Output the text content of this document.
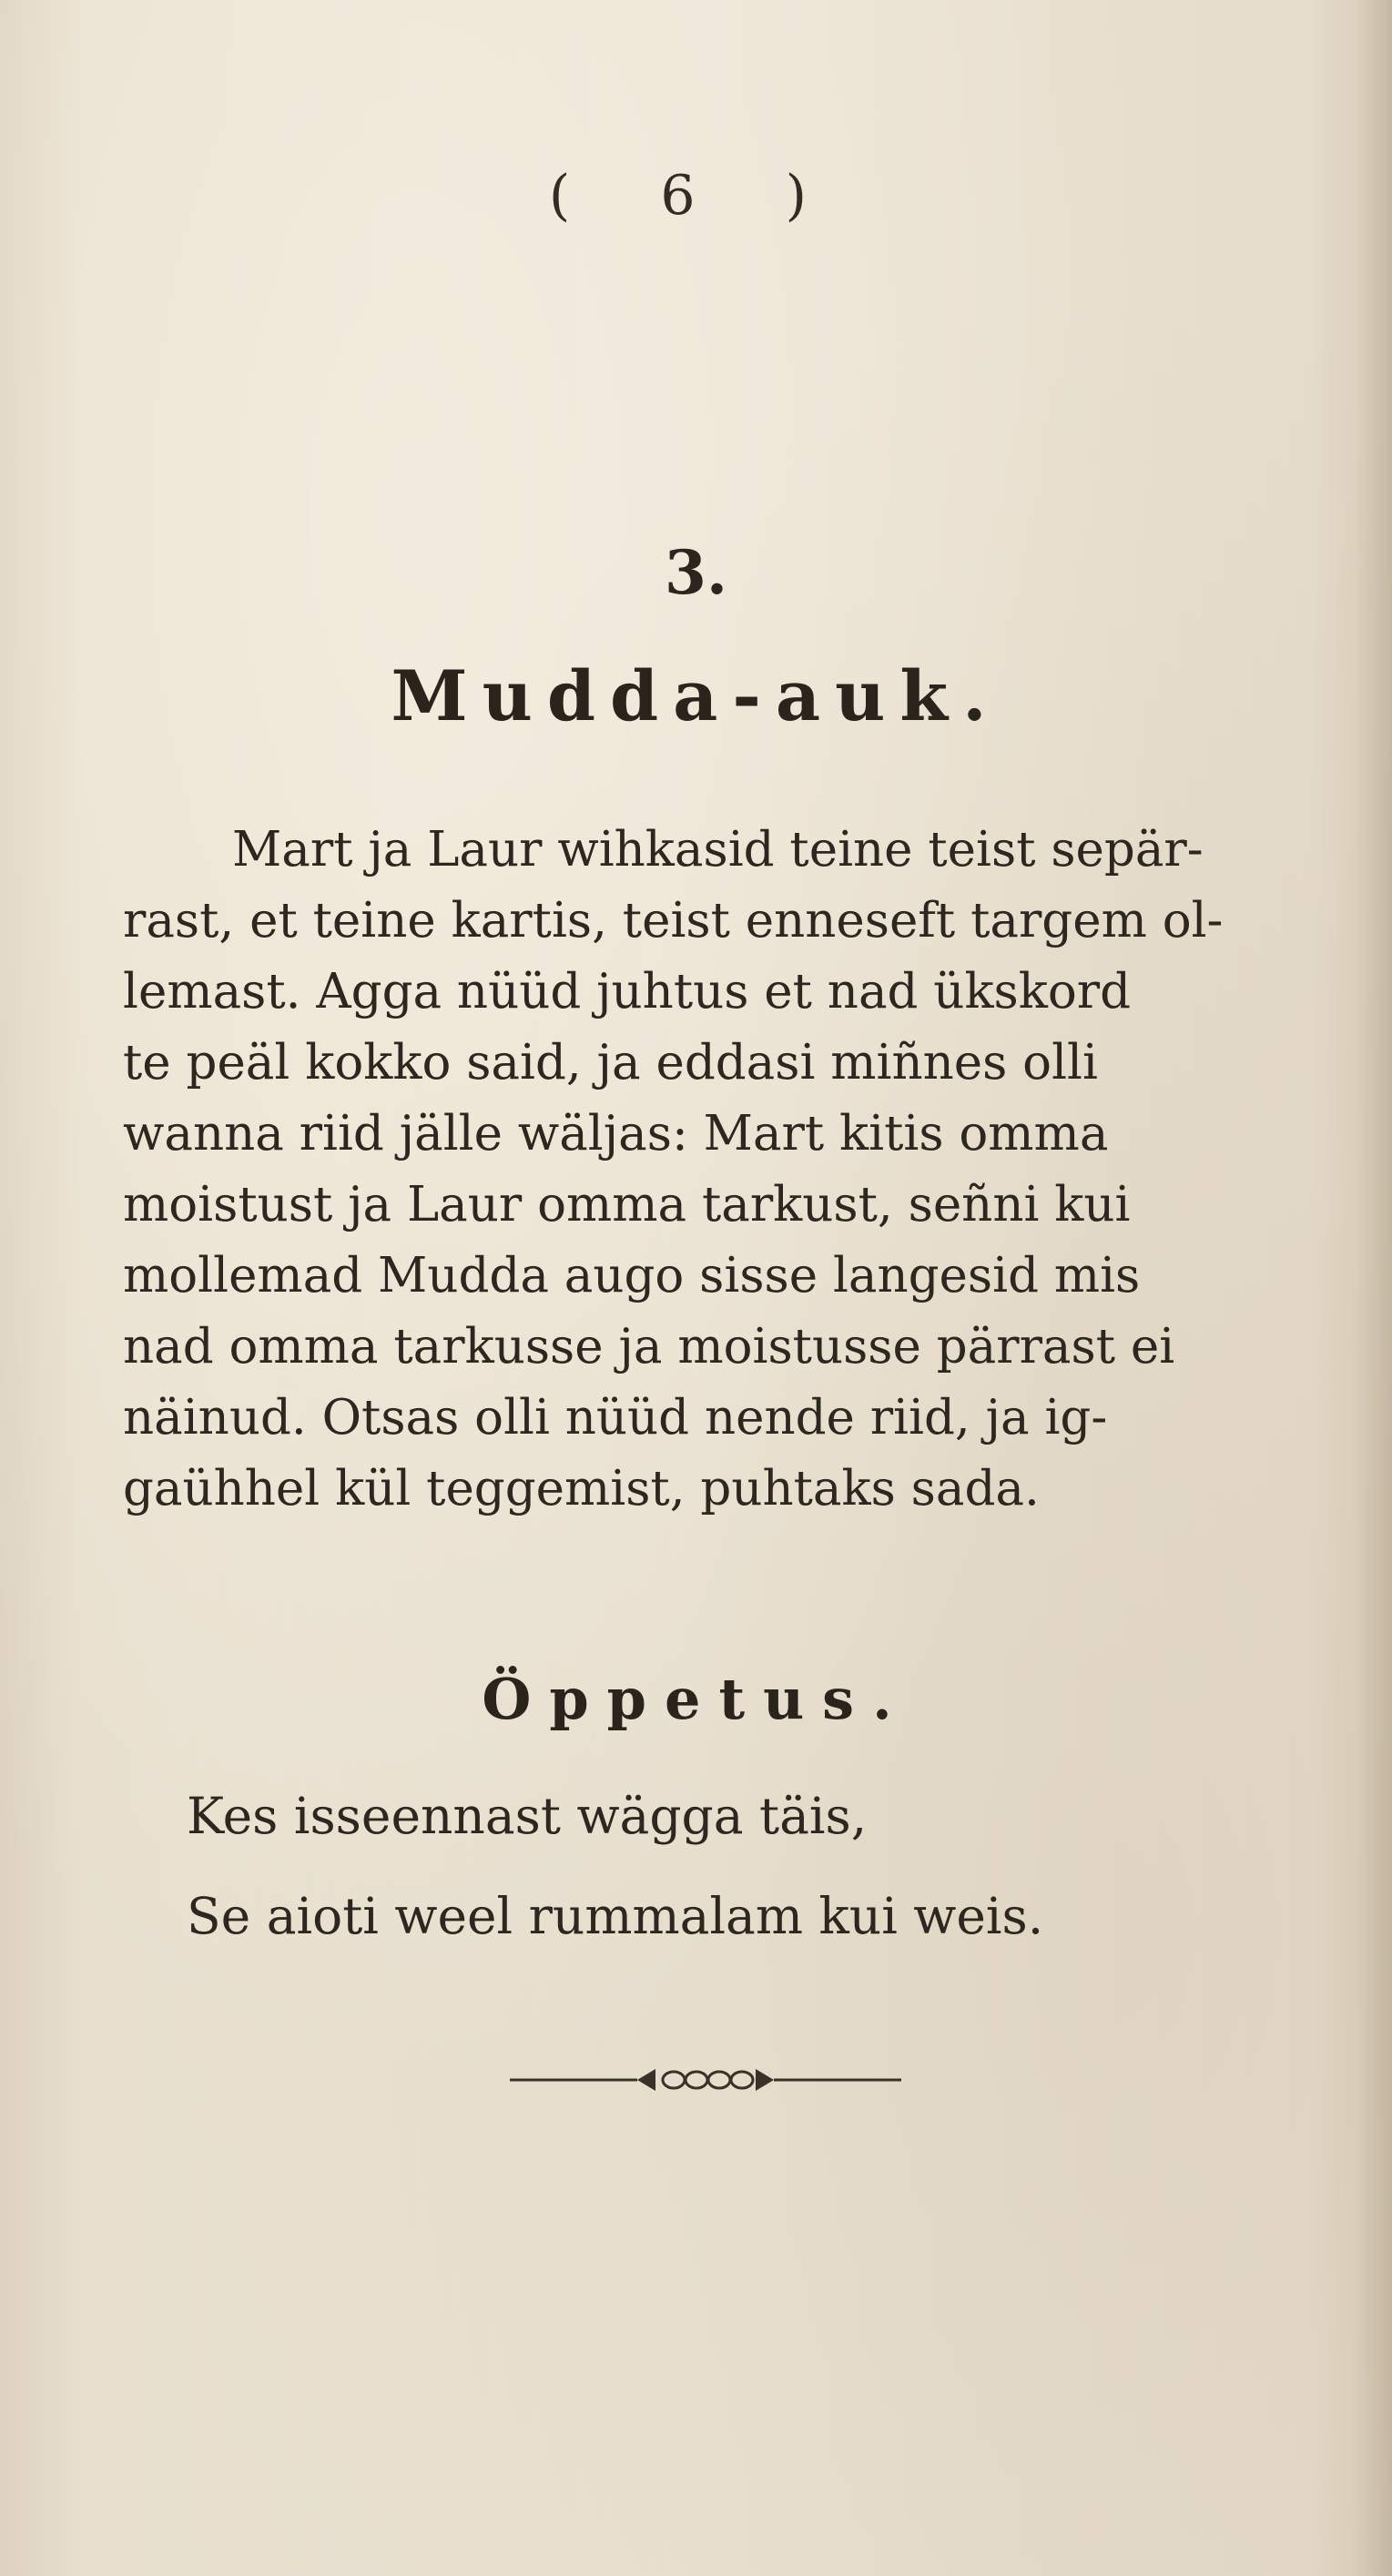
( 6 )
3.
Mudda-auk.
Mart ja Laur wihkasid teine teist sepär-
rast, et teine kartis, teist enneseft targem ol-
lemast. Agga nüüd juhtus et nad ükskord
te peäl kokko said, ja eddasi miñnes olli
wanna riid jälle wäljas: Mart kitis omma
moistust ja Laur omma tarkust, señni kui
mollemad Mudda augo sisse langesid mis
nad omma tarkusse ja moistusse pärrast ei
näinud. Otsas olli nüüd nende riid, ja ig-
gaühhel kül teggemist, puhtaks sada.
Öppetus.
Kes isseennast wägga täis,
Se aioti weel rummalam kui weis.
